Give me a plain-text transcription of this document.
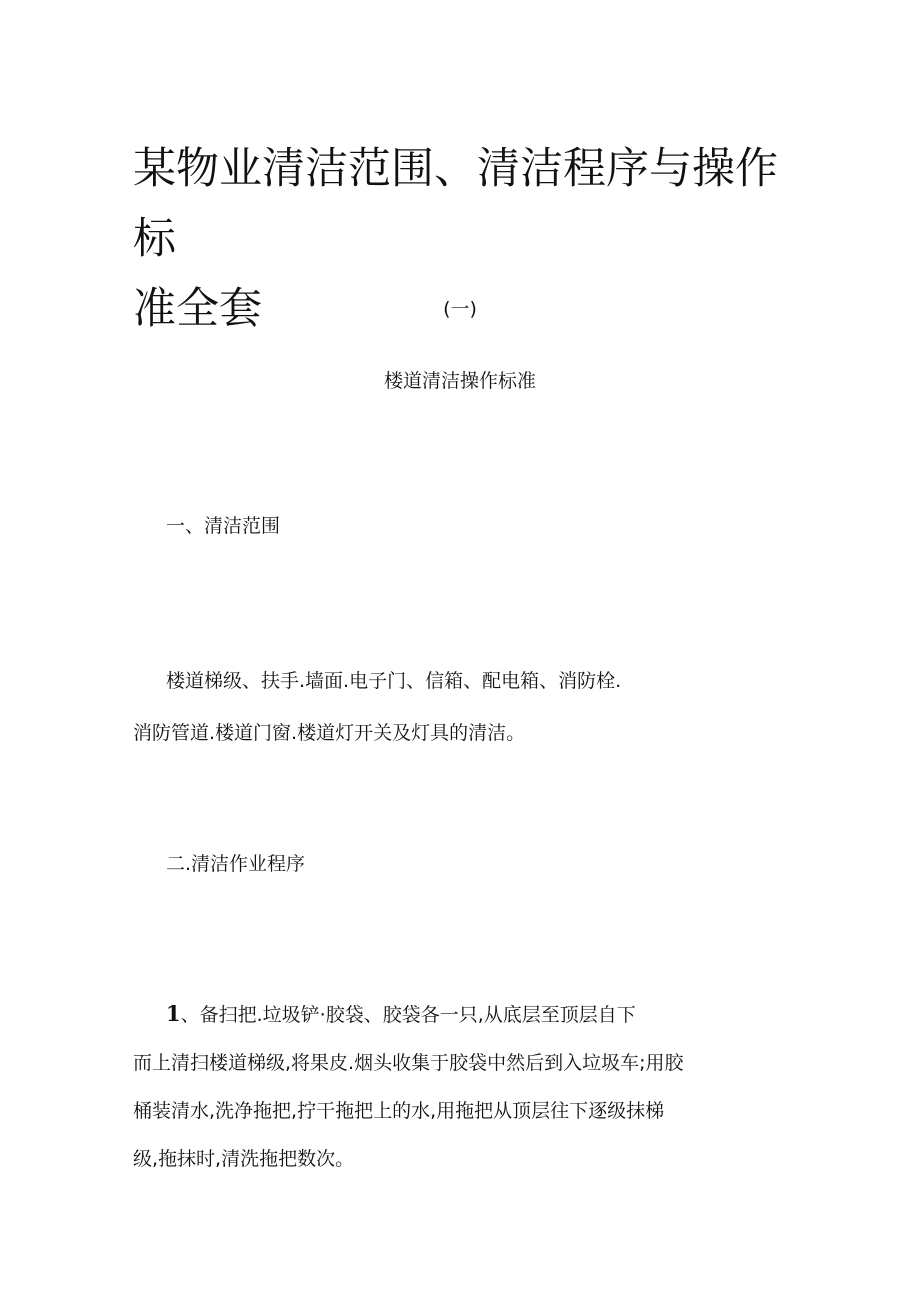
某物业清洁范围、清洁程序与操作标
准全套	(一)
楼道清洁操作标准
一、清洁范围
楼道梯级、扶手.墙面.电子门、信箱、配电箱、消防栓.
消防管道.楼道门窗.楼道灯开关及灯具的清洁。
二.清洁作业程序
1、备扫把.垃圾铲·胶袋、胶袋各一只,从底层至顶层自下
而上清扫楼道梯级,将果皮.烟头收集于胶袋中然后到入垃圾车;用胶
桶装清水,洗净拖把,拧干拖把上的水,用拖把从顶层往下逐级抹梯
级,拖抹时,清洗拖把数次。
